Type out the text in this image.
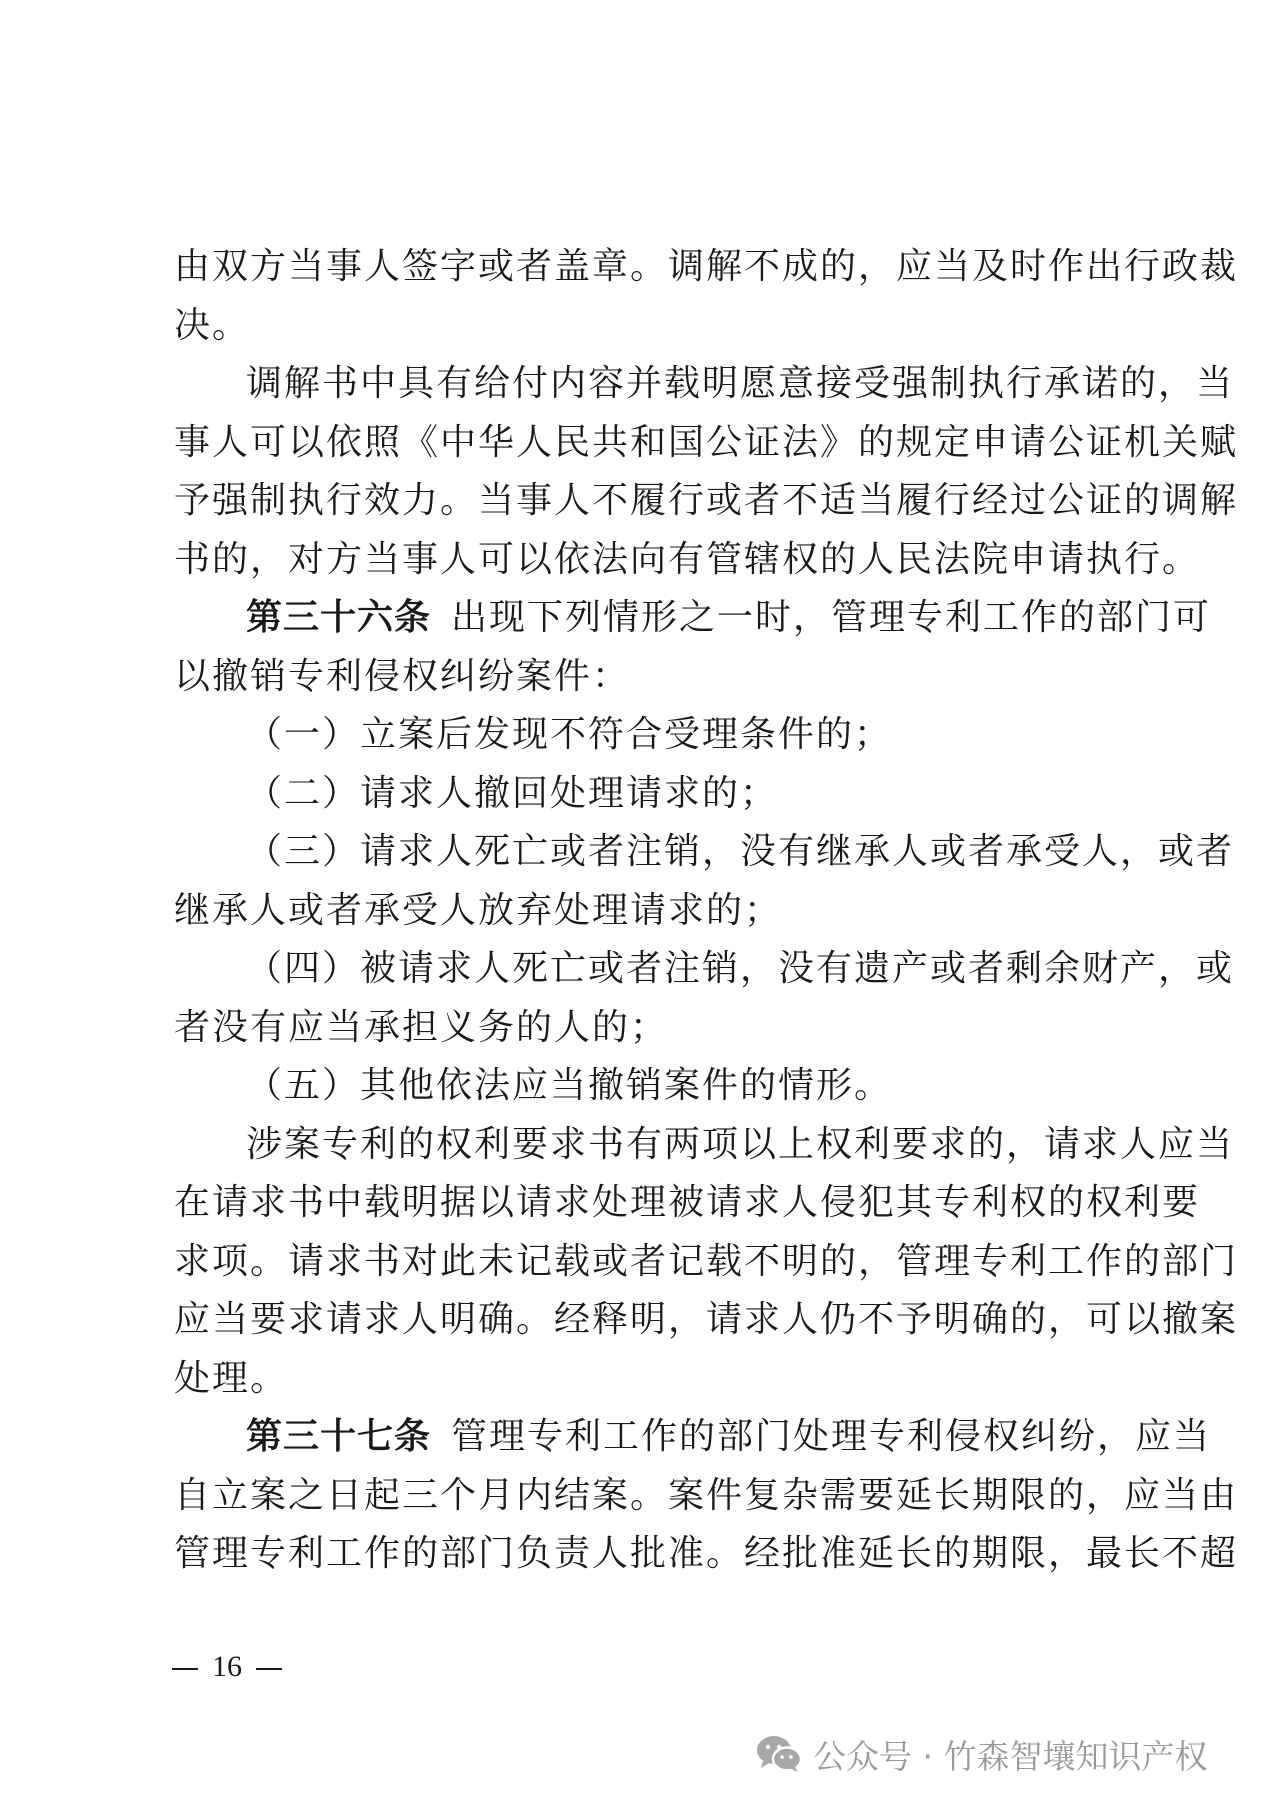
由双方当事人签字或者盖章。调解不成的，应当及时作出行政裁
决。
调解书中具有给付内容并载明愿意接受强制执行承诺的，当
事人可以依照《中华人民共和国公证法》的规定申请公证机关赋
予强制执行效力。当事人不履行或者不适当履行经过公证的调解
书的，对方当事人可以依法向有管辖权的人民法院申请执行。
第三十六条  出现下列情形之一时，管理专利工作的部门可
以撤销专利侵权纠纷案件：
（一）立案后发现不符合受理条件的；
（二）请求人撤回处理请求的；
（三）请求人死亡或者注销，没有继承人或者承受人，或者
继承人或者承受人放弃处理请求的；
（四）被请求人死亡或者注销，没有遗产或者剩余财产，或
者没有应当承担义务的人的；
（五）其他依法应当撤销案件的情形。
涉案专利的权利要求书有两项以上权利要求的，请求人应当
在请求书中载明据以请求处理被请求人侵犯其专利权的权利要
求项。请求书对此未记载或者记载不明的，管理专利工作的部门
应当要求请求人明确。经释明，请求人仍不予明确的，可以撤案
处理。
第三十七条  管理专利工作的部门处理专利侵权纠纷，应当
自立案之日起三个月内结案。案件复杂需要延长期限的，应当由
管理专利工作的部门负责人批准。经批准延长的期限，最长不超
16
公众号 · 竹森智壤知识产权
